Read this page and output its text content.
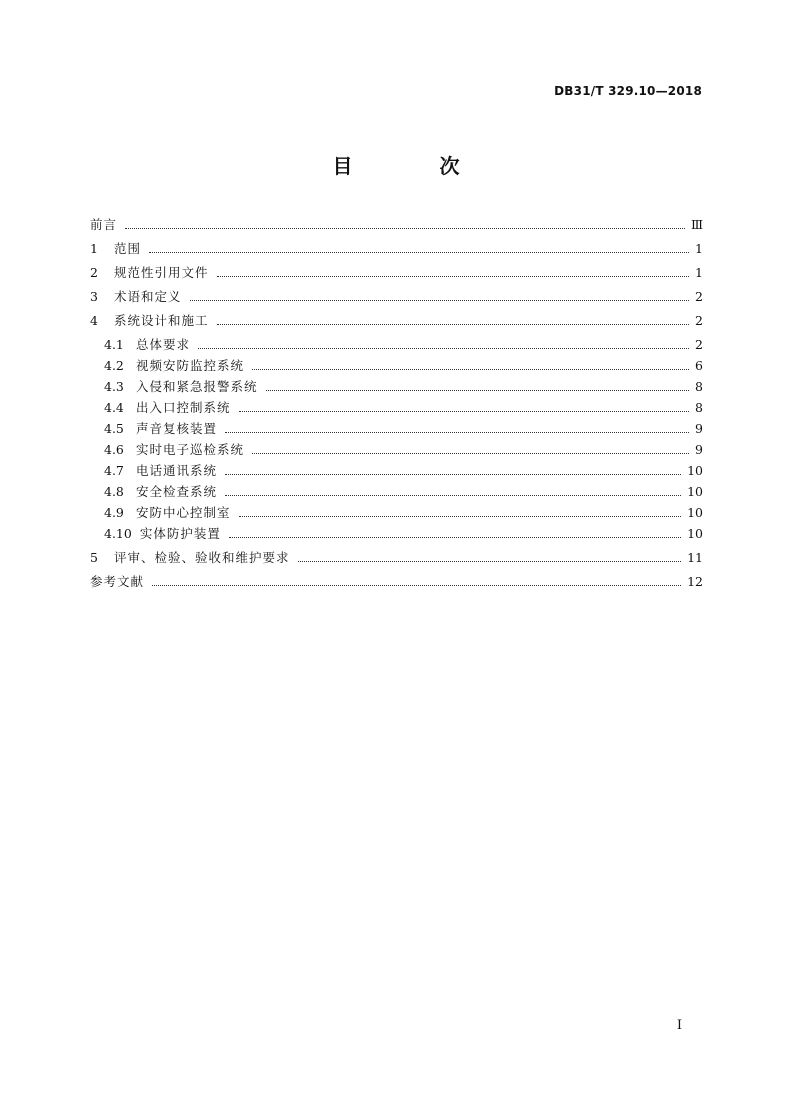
DB31/T 329.10—2018
目 次
前言	Ⅲ
1	范围	1
2	规范性引用文件	1
3	术语和定义	2
4	系统设计和施工	2
4.1 总体要求	2
4.2 视频安防监控系统	6
4.3 入侵和紧急报警系统	8
4.4 出入口控制系统	8
4.5 声音复核装置	9
4.6 实时电子巡检系统	9
4.7 电话通讯系统	10
4.8 安全检查系统	10
4.9 安防中心控制室	10
4.10 实体防护装置	10
5	评审、检验、验收和维护要求	11
参考文献	12
I
